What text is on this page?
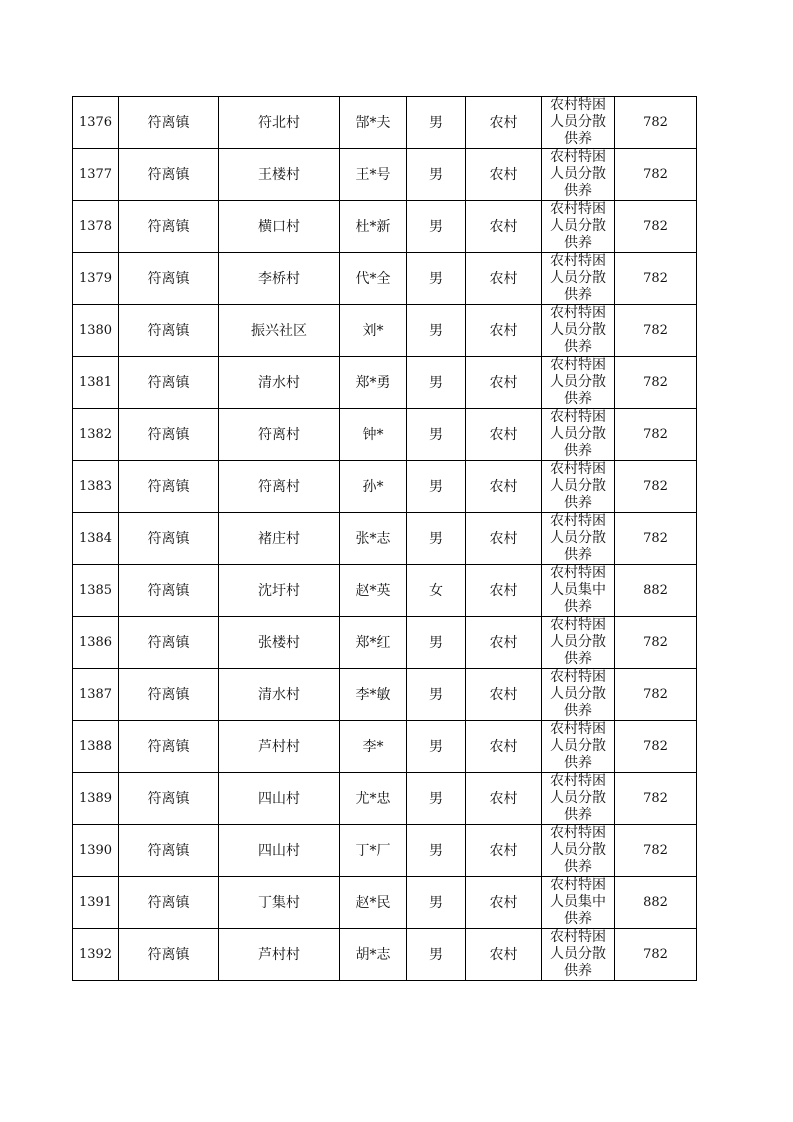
1376	符离镇	符北村	郜*夫	男	农村	农村特困人员分散供养	782
1377	符离镇	王楼村	王*号	男	农村	农村特困人员分散供养	782
1378	符离镇	横口村	杜*新	男	农村	农村特困人员分散供养	782
1379	符离镇	李桥村	代*全	男	农村	农村特困人员分散供养	782
1380	符离镇	振兴社区	刘*	男	农村	农村特困人员分散供养	782
1381	符离镇	清水村	郑*勇	男	农村	农村特困人员分散供养	782
1382	符离镇	符离村	钟*	男	农村	农村特困人员分散供养	782
1383	符离镇	符离村	孙*	男	农村	农村特困人员分散供养	782
1384	符离镇	褚庄村	张*志	男	农村	农村特困人员分散供养	782
1385	符离镇	沈圩村	赵*英	女	农村	农村特困人员集中供养	882
1386	符离镇	张楼村	郑*红	男	农村	农村特困人员分散供养	782
1387	符离镇	清水村	李*敏	男	农村	农村特困人员分散供养	782
1388	符离镇	芦村村	李*	男	农村	农村特困人员分散供养	782
1389	符离镇	四山村	尤*忠	男	农村	农村特困人员分散供养	782
1390	符离镇	四山村	丁*厂	男	农村	农村特困人员分散供养	782
1391	符离镇	丁集村	赵*民	男	农村	农村特困人员集中供养	882
1392	符离镇	芦村村	胡*志	男	农村	农村特困人员分散供养	782
